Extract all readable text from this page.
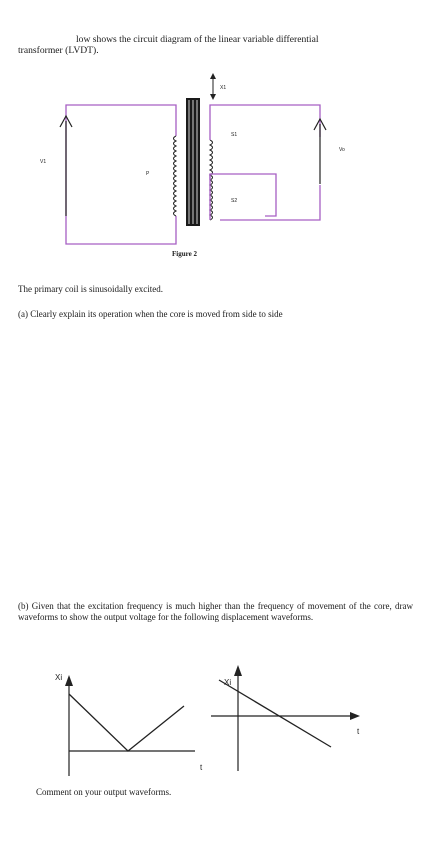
low shows the circuit diagram of the linear variable differential
transformer (LVDT).

X1
S1
S2
Vo
V1
P
Xi
t
Xi
t

Figure 2

The primary coil is sinusoidally excited.

(a) Clearly explain its operation when the core is moved from side to side

(b) Given that the excitation frequency is much higher than the frequency of movement of the core, draw waveforms to show the output voltage for the following displacement waveforms.

Comment on your output waveforms.
